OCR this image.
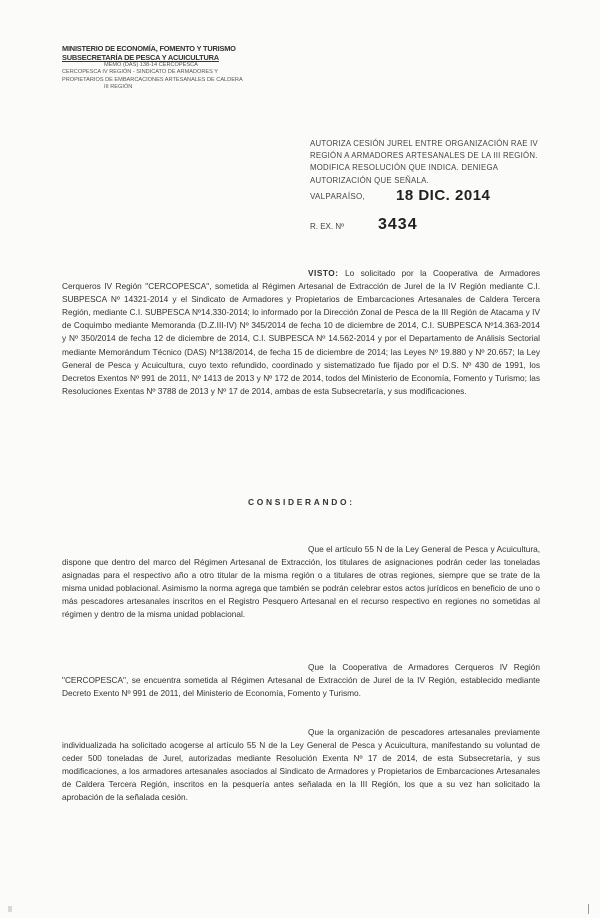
MINISTERIO DE ECONOMÍA, FOMENTO Y TURISMO
SUBSECRETARÍA DE PESCA Y ACUICULTURA
MEMO (DAS) 138-14 CERCOPESCA
CERCOPESCA IV REGIÓN - SINDICATO DE ARMADORES Y
PROPIETARIOS DE EMBARCACIONES ARTESANALES DE CALDERA
III REGIÓN
AUTORIZA CESIÓN JUREL ENTRE ORGANIZACIÓN RAE IV REGIÓN A ARMADORES ARTESANALES DE LA III REGIÓN. MODIFICA RESOLUCIÓN QUE INDICA. DENIEGA AUTORIZACIÓN QUE SEÑALA.
VALPARAÍSO, 18 DIC. 2014
R. EX. Nº 3434
VISTO: Lo solicitado por la Cooperativa de Armadores Cerqueros IV Región "CERCOPESCA", sometida al Régimen Artesanal de Extracción de Jurel de la IV Región mediante C.I. SUBPESCA Nº 14321-2014 y el Sindicato de Armadores y Propietarios de Embarcaciones Artesanales de Caldera Tercera Región, mediante C.I. SUBPESCA Nº14.330-2014; lo informado por la Dirección Zonal de Pesca de la III Región de Atacama y IV de Coquimbo mediante Memoranda (D.Z.III-IV) Nº 345/2014 de fecha 10 de diciembre de 2014, C.I. SUBPESCA Nº14.363-2014 y Nº 350/2014 de fecha 12 de diciembre de 2014, C.I. SUBPESCA Nº 14.562-2014 y por el Departamento de Análisis Sectorial mediante Memorándum Técnico (DAS) Nº138/2014, de fecha 15 de diciembre de 2014; las Leyes Nº 19.880 y Nº 20.657; la Ley General de Pesca y Acuicultura, cuyo texto refundido, coordinado y sistematizado fue fijado por el D.S. Nº 430 de 1991, los Decretos Exentos Nº 991 de 2011, Nº 1413 de 2013 y Nº 172 de 2014, todos del Ministerio de Economía, Fomento y Turismo; las Resoluciones Exentas Nº 3788 de 2013 y Nº 17 de 2014, ambas de esta Subsecretaría, y sus modificaciones.
CONSIDERANDO:
Que el artículo 55 N de la Ley General de Pesca y Acuicultura, dispone que dentro del marco del Régimen Artesanal de Extracción, los titulares de asignaciones podrán ceder las toneladas asignadas para el respectivo año a otro titular de la misma región o a titulares de otras regiones, siempre que se trate de la misma unidad poblacional. Asimismo la norma agrega que también se podrán celebrar estos actos jurídicos en beneficio de uno o más pescadores artesanales inscritos en el Registro Pesquero Artesanal en el recurso respectivo en regiones no sometidas al régimen y dentro de la misma unidad poblacional.
Que la Cooperativa de Armadores Cerqueros IV Región "CERCOPESCA", se encuentra sometida al Régimen Artesanal de Extracción de Jurel de la IV Región, establecido mediante Decreto Exento Nº 991 de 2011, del Ministerio de Economía, Fomento y Turismo.
Que la organización de pescadores artesanales previamente individualizada ha solicitado acogerse al artículo 55 N de la Ley General de Pesca y Acuicultura, manifestando su voluntad de ceder 500 toneladas de Jurel, autorizadas mediante Resolución Exenta Nº 17 de 2014, de esta Subsecretaría, y sus modificaciones, a los armadores artesanales asociados al Sindicato de Armadores y Propietarios de Embarcaciones Artesanales de Caldera Tercera Región, inscritos en la pesquería antes señalada en la III Región, los que a su vez han solicitado la aprobación de la señalada cesión.
